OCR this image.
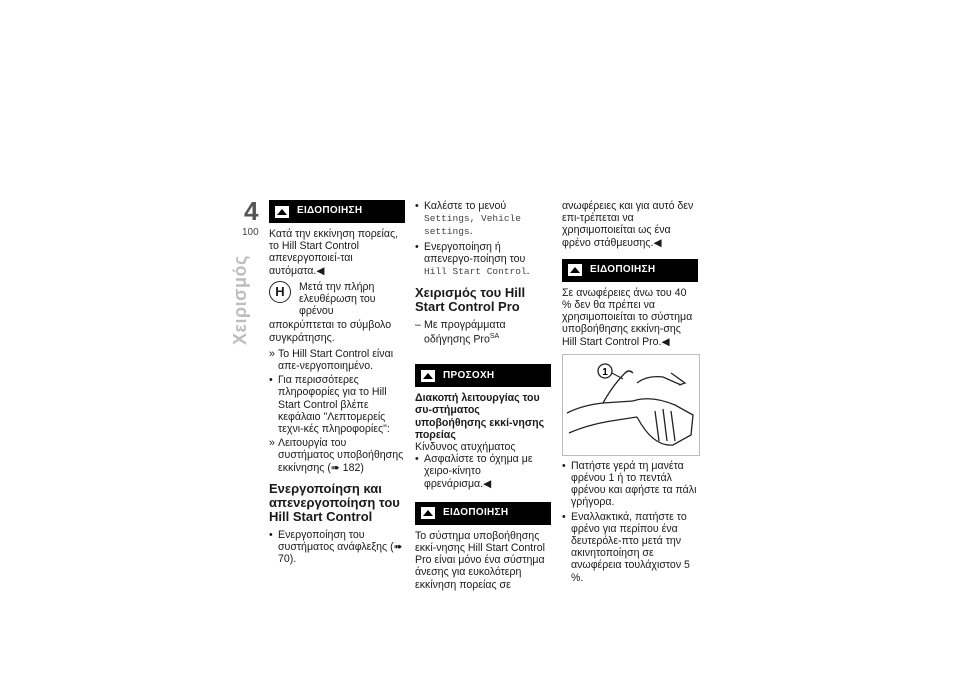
4
100
Χειρισμός
ΕΙΔΟΠΟΙΗΣΗ
Κατά την εκκίνηση πορείας, το Hill Start Control απενεργοποιεί-ται αυτόματα.◀
H	Μετά την πλήρη ελευθέρωση του φρένου
αποκρύπτεται το σύμβολο συγκράτησης.
» Το Hill Start Control είναι απε-νεργοποιημένο.
• Για περισσότερες πληροφορίες για το Hill Start Control βλέπε κεφάλαιο "Λεπτομερείς τεχνι-κές πληροφορίες":
» Λειτουργία του συστήματος υποβοήθησης εκκίνησης (➠ 182)
Ενεργοποίηση και απενεργοποίηση του Hill Start Control
• Ενεργοποίηση του συστήματος ανάφλεξης (➠ 70).
• Καλέστε το μενού Settings, Vehicle settings.
• Ενεργοποίηση ή απενεργο-ποίηση του Hill Start Control.
Χειρισμός του Hill Start Control Pro
– Με προγράμματα οδήγησης Pro$^{SA}$
ΠΡΟΣΟΧΗ
Διακοπή λειτουργίας του συ-στήματος υποβοήθησης εκκί-νησης πορείας
Κίνδυνος ατυχήματος
• Ασφαλίστε το όχημα με χειρο-κίνητο φρενάρισμα.◀
ΕΙΔΟΠΟΙΗΣΗ
Το σύστημα υποβοήθησης εκκί-νησης Hill Start Control Pro είναι μόνο ένα σύστημα άνεσης για ευκολότερη εκκίνηση πορείας σε
ανωφέρειες και για αυτό δεν επι-τρέπεται να χρησιμοποιείται ως ένα φρένο στάθμευσης.◀
ΕΙΔΟΠΟΙΗΣΗ
Σε ανωφέρειες άνω του 40 % δεν θα πρέπει να χρησιμοποιείται το σύστημα υποβοήθησης εκκίνη-σης Hill Start Control Pro.◀
1
• Πατήστε γερά τη μανέτα φρένου 1 ή το πεντάλ φρένου και αφήστε τα πάλι γρήγορα.
• Εναλλακτικά, πατήστε το φρένο για περίπου ένα δευτερόλε-πτο μετά την ακινητοποίηση σε ανωφέρεια τουλάχιστον 5 %.
